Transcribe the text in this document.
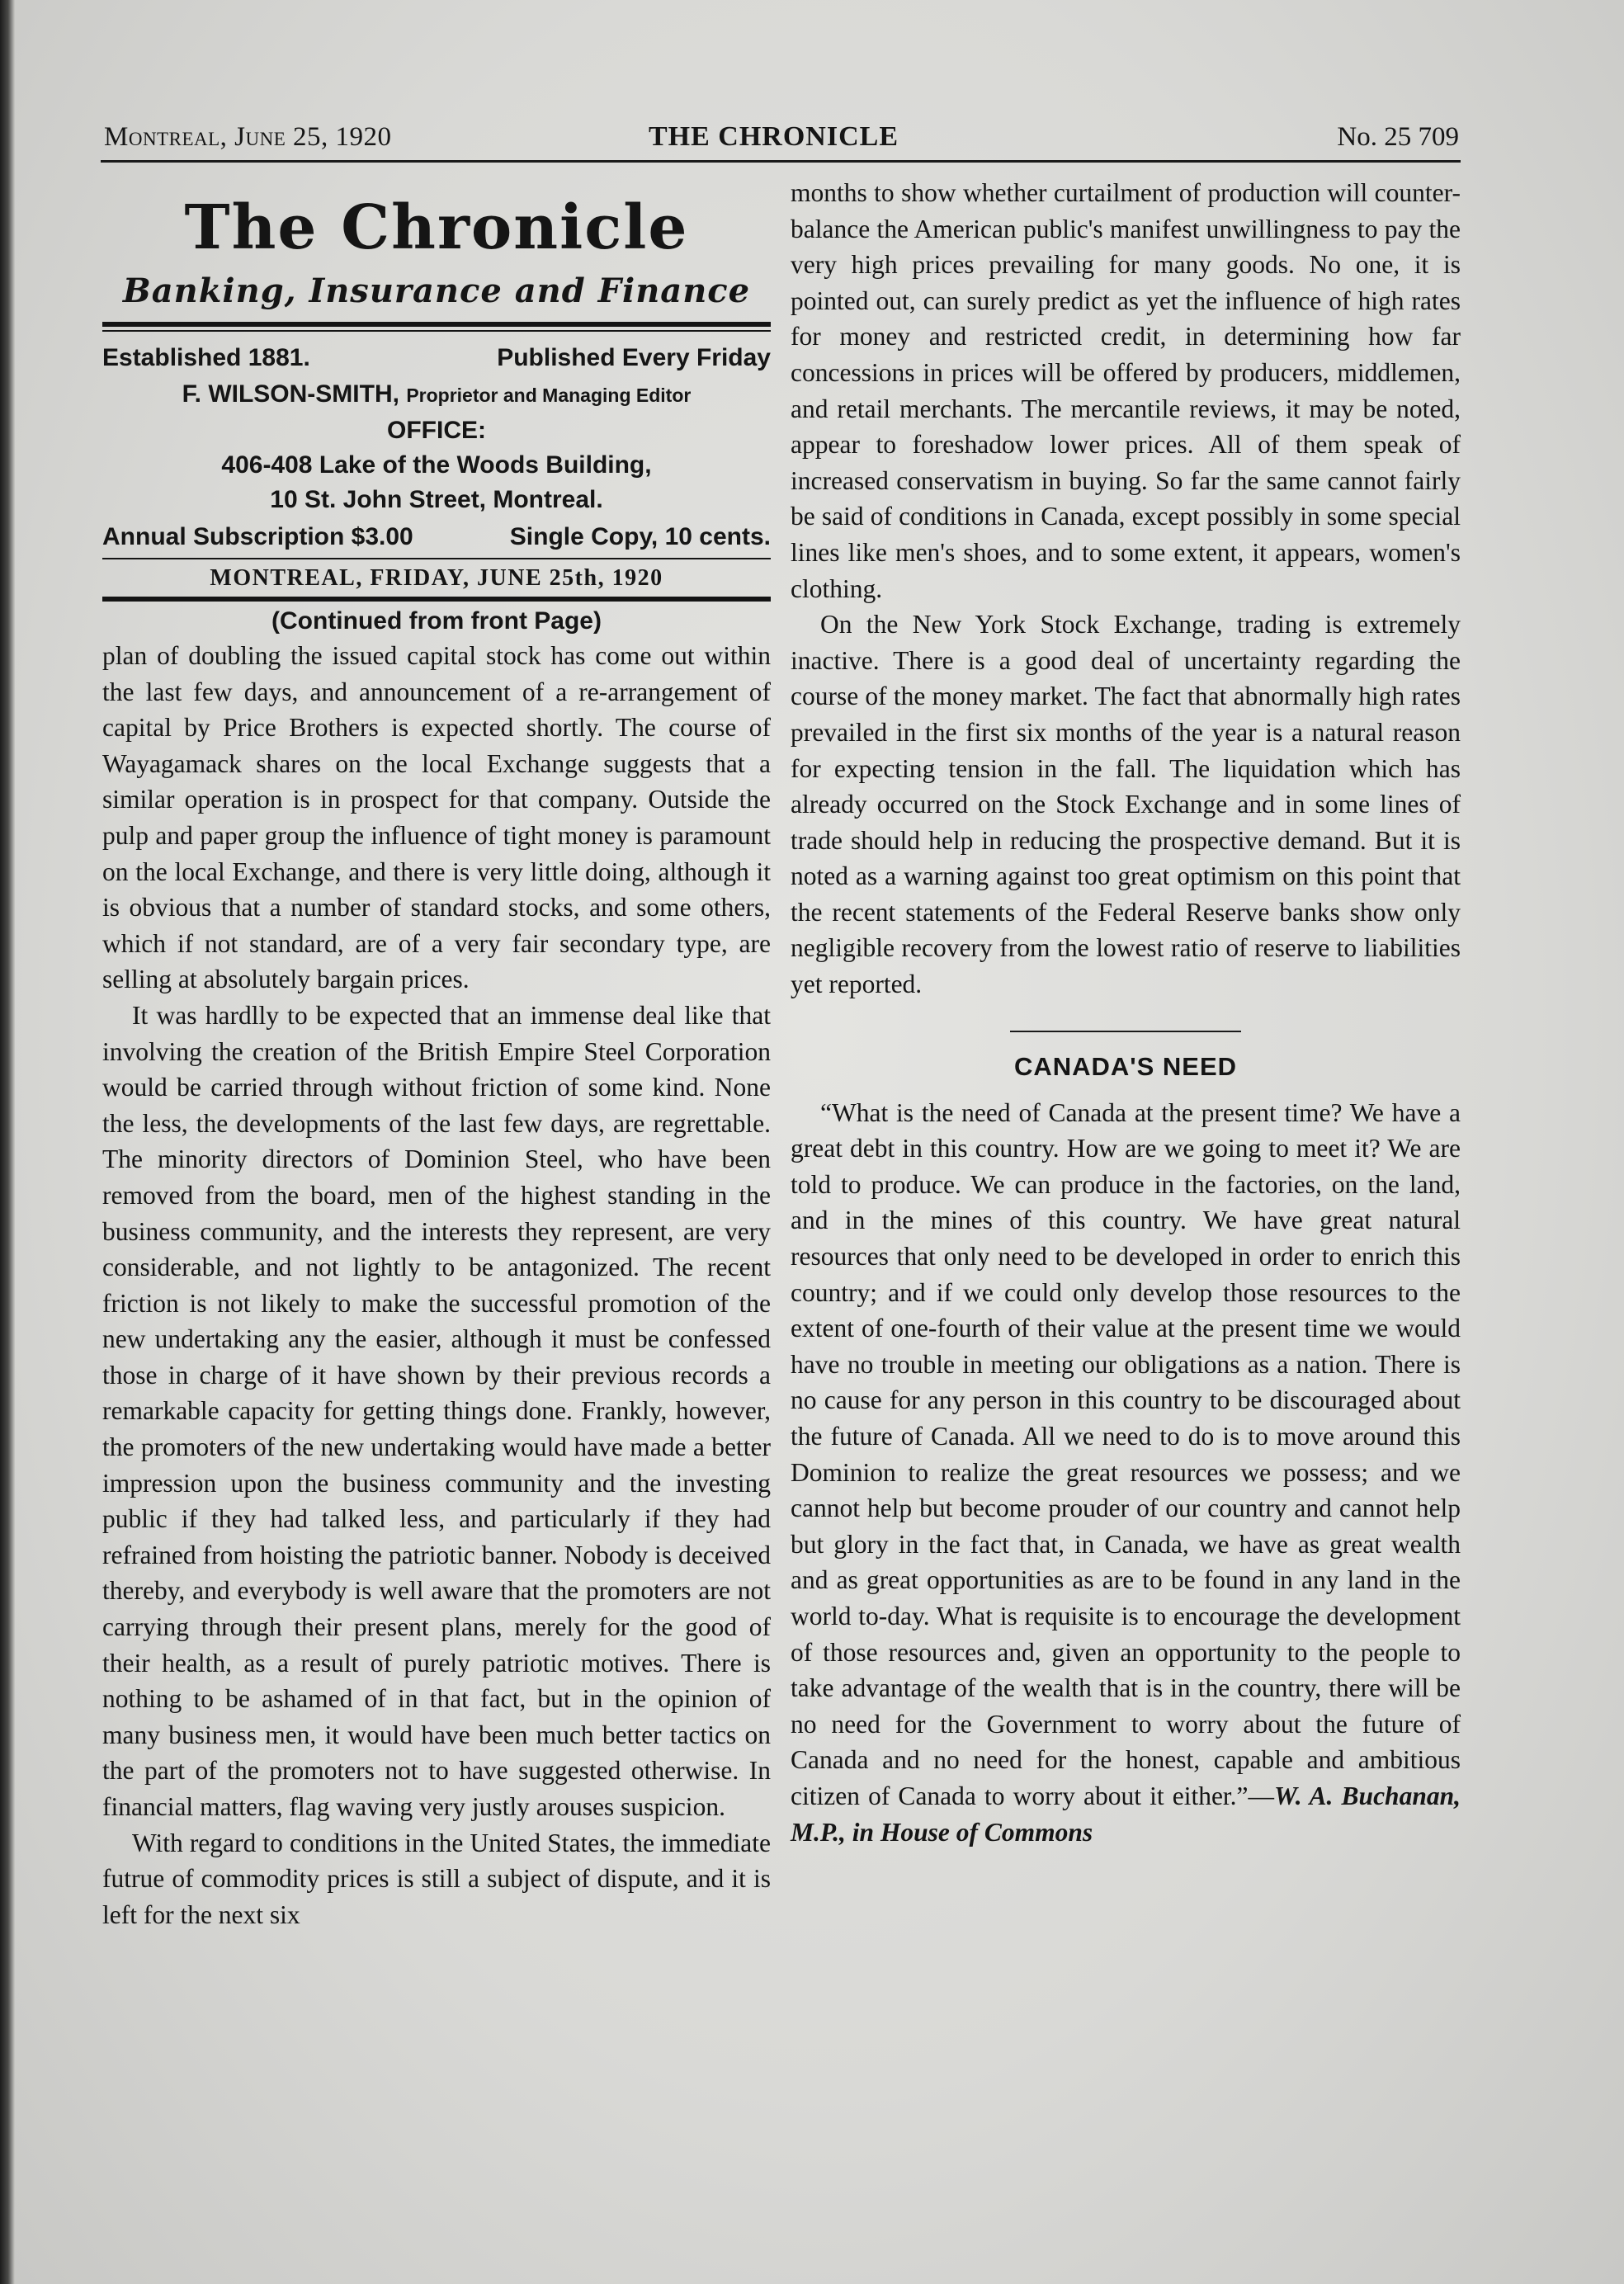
Montreal, June 25, 1920	THE CHRONICLE	No. 25 709
The Chronicle
Banking, Insurance and Finance
Established 1881.	Published Every Friday
F. WILSON-SMITH, Proprietor and Managing Editor
OFFICE:
406-408 Lake of the Woods Building,
10 St. John Street, Montreal.
Annual Subscription $3.00	Single Copy, 10 cents.
MONTREAL, FRIDAY, JUNE 25th, 1920
(Continued from front Page)

plan of doubling the issued capital stock has come out within the last few days, and announcement of a re-arrangement of capital by Price Brothers is expected shortly. The course of Wayagamack shares on the local Exchange suggests that a similar operation is in prospect for that company. Outside the pulp and paper group the influence of tight money is paramount on the local Exchange, and there is very little doing, although it is obvious that a number of standard stocks, and some others, which if not standard, are of a very fair secondary type, are selling at absolutely bargain prices.

It was hardlly to be expected that an immense deal like that involving the creation of the British Empire Steel Corporation would be carried through without friction of some kind. None the less, the developments of the last few days, are regrettable. The minority directors of Dominion Steel, who have been removed from the board, men of the highest standing in the business community, and the interests they represent, are very considerable, and not lightly to be antagonized. The recent friction is not likely to make the successful promotion of the new undertaking any the easier, although it must be confessed those in charge of it have shown by their previous records a remarkable capacity for getting things done. Frankly, however, the promoters of the new undertaking would have made a better impression upon the business community and the investing public if they had talked less, and particularly if they had refrained from hoisting the patriotic banner. Nobody is deceived thereby, and everybody is well aware that the promoters are not carrying through their present plans, merely for the good of their health, as a result of purely patriotic motives. There is nothing to be ashamed of in that fact, but in the opinion of many business men, it would have been much better tactics on the part of the promoters not to have suggested otherwise. In financial matters, flag waving very justly arouses suspicion.

With regard to conditions in the United States, the immediate futrue of commodity prices is still a subject of dispute, and it is left for the next six

months to show whether curtailment of production will counter-balance the American public's manifest unwillingness to pay the very high prices prevailing for many goods. No one, it is pointed out, can surely predict as yet the influence of high rates for money and restricted credit, in determining how far concessions in prices will be offered by producers, middlemen, and retail merchants. The mercantile reviews, it may be noted, appear to foreshadow lower prices. All of them speak of increased conservatism in buying. So far the same cannot fairly be said of conditions in Canada, except possibly in some special lines like men's shoes, and to some extent, it appears, women's clothing.

On the New York Stock Exchange, trading is extremely inactive. There is a good deal of uncertainty regarding the course of the money market. The fact that abnormally high rates prevailed in the first six months of the year is a natural reason for expecting tension in the fall. The liquidation which has already occurred on the Stock Exchange and in some lines of trade should help in reducing the prospective demand. But it is noted as a warning against too great optimism on this point that the recent statements of the Federal Reserve banks show only negligible recovery from the lowest ratio of reserve to liabilities yet reported.

CANADA'S NEED

“What is the need of Canada at the present time? We have a great debt in this country. How are we going to meet it? We are told to produce. We can produce in the factories, on the land, and in the mines of this country. We have great natural resources that only need to be developed in order to enrich this country; and if we could only develop those resources to the extent of one-fourth of their value at the present time we would have no trouble in meeting our obligations as a nation. There is no cause for any person in this country to be discouraged about the future of Canada. All we need to do is to move around this Dominion to realize the great resources we possess; and we cannot help but become prouder of our country and cannot help but glory in the fact that, in Canada, we have as great wealth and as great opportunities as are to be found in any land in the world to-day. What is requisite is to encourage the development of those resources and, given an opportunity to the people to take advantage of the wealth that is in the country, there will be no need for the Government to worry about the future of Canada and no need for the honest, capable and ambitious citizen of Canada to worry about it either.”—W. A. Buchanan, M.P., in House of Commons
